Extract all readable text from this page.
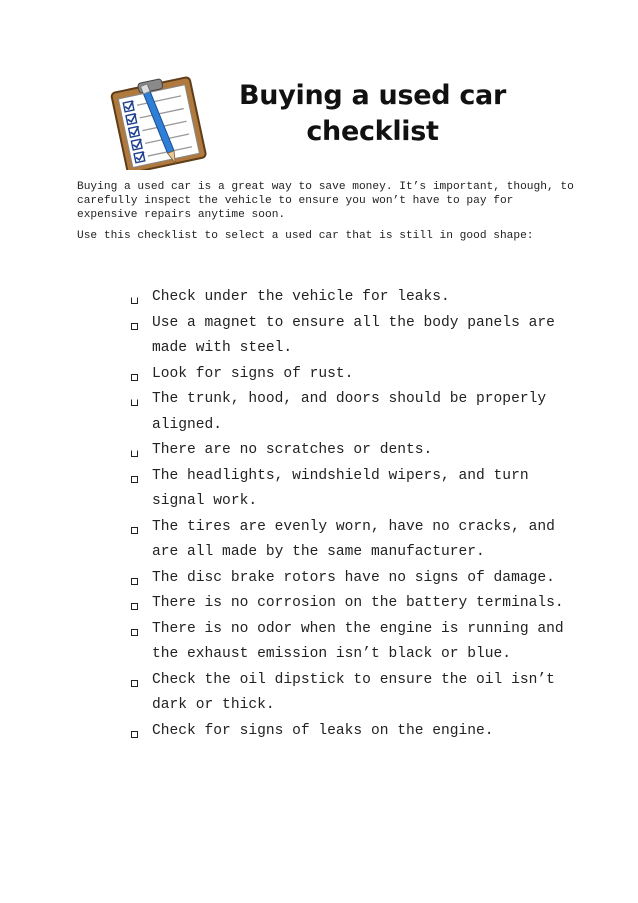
Buying a used car
checklist

Buying a used car is a great way to save money. It’s important, though, to carefully inspect the vehicle to ensure you won’t have to pay for expensive repairs anytime soon.

Use this checklist to select a used car that is still in good shape:

Check under the vehicle for leaks.
Use a magnet to ensure all the body panels are made with steel.
Look for signs of rust.
The trunk, hood, and doors should be properly aligned.
There are no scratches or dents.
The headlights, windshield wipers, and turn signal work.
The tires are evenly worn, have no cracks, and are all made by the same manufacturer.
The disc brake rotors have no signs of damage.
There is no corrosion on the battery terminals.
There is no odor when the engine is running and the exhaust emission isn’t black or blue.
Check the oil dipstick to ensure the oil isn’t dark or thick.
Check for signs of leaks on the engine.
